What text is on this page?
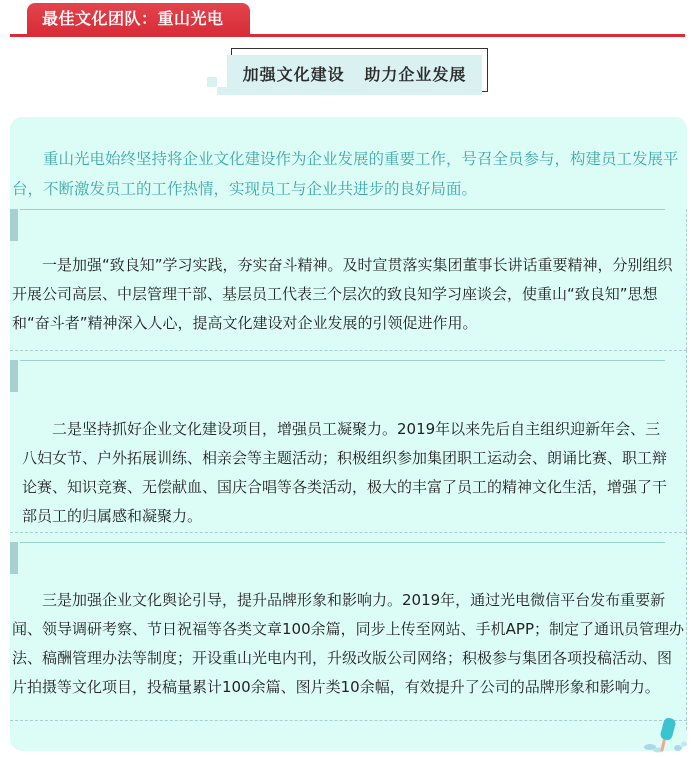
最佳文化团队：重山光电
加强文化建设   助力企业发展

重山光电始终坚持将企业文化建设作为企业发展的重要工作，号召全员参与，构建员工发展平台，不断激发员工的工作热情，实现员工与企业共进步的良好局面。

一是加强“致良知”学习实践，夯实奋斗精神。及时宣贯落实集团董事长讲话重要精神，分别组织开展公司高层、中层管理干部、基层员工代表三个层次的致良知学习座谈会，使重山“致良知”思想和“奋斗者”精神深入人心，提高文化建设对企业发展的引领促进作用。

二是坚持抓好企业文化建设项目，增强员工凝聚力。2019年以来先后自主组织迎新年会、三八妇女节、户外拓展训练、相亲会等主题活动；积极组织参加集团职工运动会、朗诵比赛、职工辩论赛、知识竞赛、无偿献血、国庆合唱等各类活动，极大的丰富了员工的精神文化生活，增强了干部员工的归属感和凝聚力。

三是加强企业文化舆论引导，提升品牌形象和影响力。2019年，通过光电微信平台发布重要新闻、领导调研考察、节日祝福等各类文章100余篇，同步上传至网站、手机APP；制定了通讯员管理办法、稿酬管理办法等制度；开设重山光电内刊，升级改版公司网络；积极参与集团各项投稿活动、图片拍摄等文化项目，投稿量累计100余篇、图片类10余幅，有效提升了公司的品牌形象和影响力。
